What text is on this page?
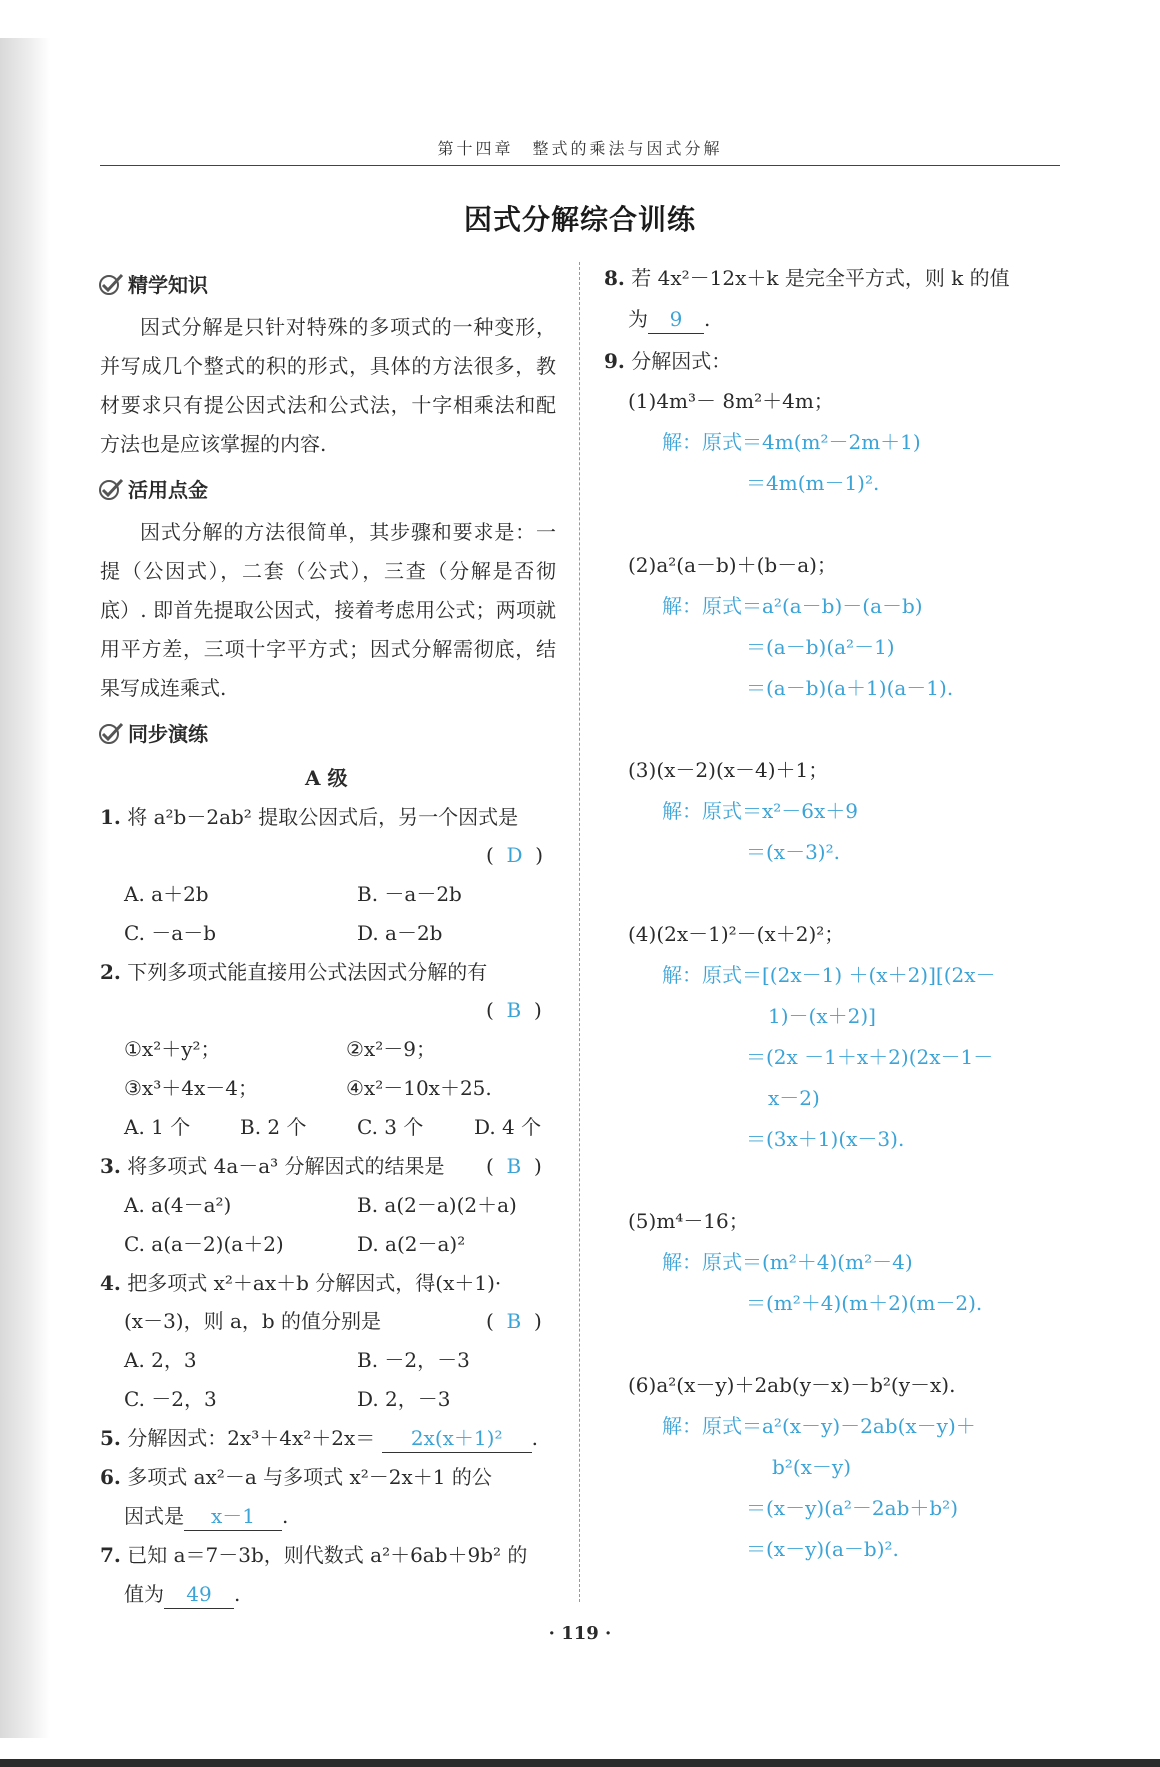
第十四章　整式的乘法与因式分解
因式分解综合训练
精学知识

因式分解是只针对特殊的多项式的一种变形，并写成几个整式的积的形式，具体的方法很多，教材要求只有提公因式法和公式法，十字相乘法和配方法也是应该掌握的内容.

活用点金

因式分解的方法很简单，其步骤和要求是：一提（公因式），二套（公式），三查（分解是否彻底）. 即首先提取公因式，接着考虑用公式；两项就用平方差，三项十字平方式；因式分解需彻底，结果写成连乘式.

同步演练
A 级
1. 将 a²b－2ab² 提取公因式后，另一个因式是
( D )
A. a＋2b	B. －a－2b
C. －a－b	D. a－2b
2. 下列多项式能直接用公式法因式分解的有
( B )
①x²＋y²；	②x²－9；
③x³＋4x－4；	④x²－10x＋25.
A. 1 个 B. 2 个	C. 3 个	D. 4 个
3. 将多项式 4a－a³ 分解因式的结果是 ( B )
A. a(4－a²)	B. a(2－a)(2＋a)
C. a(a－2)(a＋2)	D. a(2－a)²
4. 把多项式 x²＋ax＋b 分解因式，得(x＋1)·
(x－3)，则 a，b 的值分别是	( B )
A. 2，3	B. －2，－3
C. －2，3	D. 2，－3
5. 分解因式：2x³＋4x²＋2x＝ 2x(x＋1)² .
6. 多项式 ax²－a 与多项式 x²－2x＋1 的公
因式是 x－1 .
7. 已知 a＝7－3b，则代数式 a²＋6ab＋9b² 的
值为 49 .
8. 若 4x²－12x＋k 是完全平方式，则 k 的值
为 9 .
9. 分解因式：
(1)4m³－ 8m²＋4m；
解：原式＝4m(m²－2m＋1)
＝4m(m－1)².
(2)a²(a－b)＋(b－a)；
解：原式＝a²(a－b)－(a－b)
＝(a－b)(a²－1)
＝(a－b)(a＋1)(a－1).
(3)(x－2)(x－4)＋1；
解：原式＝x²－6x＋9
＝(x－3)².
(4)(2x－1)²－(x＋2)²；
解：原式＝[(2x－1) ＋(x＋2)][(2x－
1)－(x＋2)]
＝(2x －1＋x＋2)(2x－1－
x－2)
＝(3x＋1)(x－3).
(5)m⁴－16；
解：原式＝(m²＋4)(m²－4)
＝(m²＋4)(m＋2)(m－2).
(6)a²(x－y)＋2ab(y－x)－b²(y－x).
解：原式＝a²(x－y)－2ab(x－y)＋
b²(x－y)
＝(x－y)(a²－2ab＋b²)
＝(x－y)(a－b)².
· 119 ·
